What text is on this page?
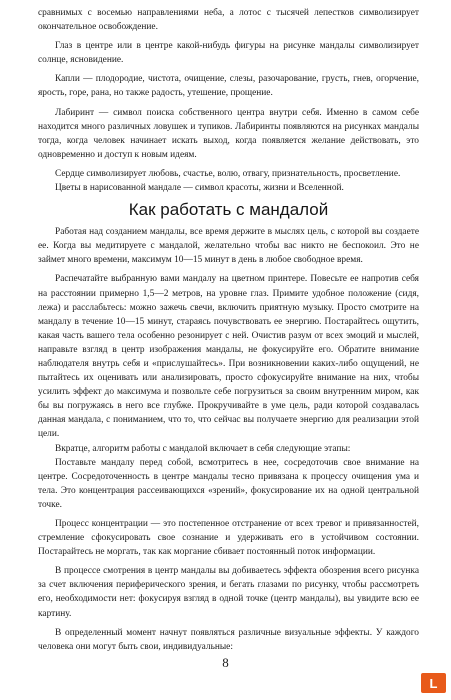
сравнимых с восемью направлениями неба, а лотос с тысячей лепестков символизирует окончательное освобождение.

Глаз в центре или в центре какой-нибудь фигуры на рисунке мандалы символизирует солнце, ясновидение.

Капли — плодородие, чистота, очищение, слезы, разочарование, грусть, гнев, огорчение, ярость, горе, рана, но также радость, утешение, прощение.

Лабиринт — символ поиска собственного центра внутри себя. Именно в самом себе находится много различных ловушек и тупиков. Лабиринты появляются на рисунках мандалы тогда, когда человек начинает искать выход, когда появляется желание действовать, это одновременно и доступ к новым идеям.

Сердце символизирует любовь, счастье, волю, отвагу, признательность, просветление.

Цветы в нарисованной мандале — символ красоты, жизни и Вселенной.

Как работать с мандалой

Работая над созданием мандалы, все время держите в мыслях цель, с которой вы создаете ее. Когда вы медитируете с мандалой, желательно чтобы вас никто не беспокоил. Это не займет много времени, максимум 10—15 минут в день в любое свободное время.

Распечатайте выбранную вами мандалу на цветном принтере. Повесьте ее напротив себя на расстоянии примерно 1,5—2 метров, на уровне глаз. Примите удобное положение (сидя, лежа) и расслабьтесь: можно зажечь свечи, включить приятную музыку. Просто смотрите на мандалу в течение 10—15 минут, стараясь почувствовать ее энергию. Постарайтесь ощутить, какая часть вашего тела особенно резонирует с ней. Очистив разум от всех эмоций и мыслей, направьте взгляд в центр изображения мандалы, не фокусируйте его. Обратите внимание наблюдателя внутрь себя и «прислушайтесь». При возникновении каких-либо ощущений, не пытайтесь их оценивать или анализировать, просто сфокусируйте внимание на них, чтобы усилить эффект до максимума и позвольте себе погрузиться за своим внутренним миром, как бы вы погружаясь в него все глубже. Прокручивайте в уме цель, ради которой создавалась данная мандала, с пониманием, что то, что сейчас вы получаете энергию для реализации этой цели.

Вкратце, алгоритм работы с мандалой включает в себя следующие этапы:

Поставьте мандалу перед собой, всмотритесь в нее, сосредоточив свое внимание на центре. Сосредоточенность в центре мандалы тесно привязана к процессу очищения ума и тела. Это концентрация рассеивающихся «зрений», фокусирование их на одной центральной точке.

Процесс концентрации — это постепенное отстранение от всех тревог и привязанностей, стремление сфокусировать свое сознание и удерживать его в устойчивом состоянии. Постарайтесь не моргать, так как моргание сбивает постоянный поток информации.

В процессе смотрения в центр мандалы вы добиваетесь эффекта обозрения всего рисунка за счет включения периферического зрения, и бегать глазами по рисунку, чтобы рассмотреть его, необходимости нет: фокусируя взгляд в одной точке (центр мандалы), вы увидите всю ее картину.

В определенный момент начнут появляться различные визуальные эффекты. У каждого человека они могут быть свои, индивидуальные:

8
L
